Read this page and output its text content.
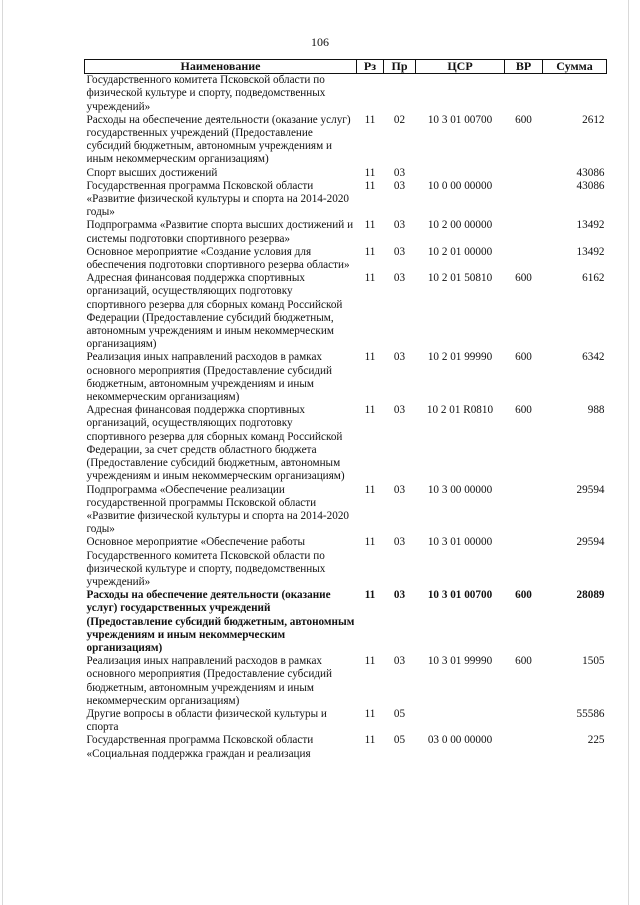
106
Наименование	Рз	Пр	ЦСР	ВР	Сумма
Государственного комитета Псковской области по физической культуре и спорту, подведомственных учреждений»					
Расходы на обеспечение деятельности (оказание услуг) государственных учреждений (Предоставление субсидий бюджетным, автономным учреждениям и иным некоммерческим организациям)	11	02	10 3 01 00700	600	2612
Спорт высших достижений	11	03			43086
Государственная программа Псковской области «Развитие физической культуры и спорта на 2014-2020 годы»	11	03	10 0 00 00000		43086
Подпрограмма «Развитие спорта высших достижений и системы подготовки спортивного резерва»	11	03	10 2 00 00000		13492
Основное мероприятие «Создание условия для обеспечения подготовки спортивного резерва области»	11	03	10 2 01 00000		13492
Адресная финансовая поддержка спортивных организаций, осуществляющих подготовку спортивного резерва для сборных команд Российской Федерации (Предоставление субсидий бюджетным, автономным учреждениям и иным некоммерческим организациям)	11	03	10 2 01 50810	600	6162
Реализация иных направлений расходов в рамках основного мероприятия (Предоставление субсидий бюджетным, автономным учреждениям и иным некоммерческим организациям)	11	03	10 2 01 99990	600	6342
Адресная финансовая поддержка спортивных организаций, осуществляющих подготовку спортивного резерва для сборных команд Российской Федерации, за счет средств областного бюджета (Предоставление субсидий бюджетным, автономным учреждениям и иным некоммерческим организациям)	11	03	10 2 01 R0810	600	988
Подпрограмма «Обеспечение реализации государственной программы Псковской области «Развитие физической культуры и спорта на 2014-2020 годы»	11	03	10 3 00 00000		29594
Основное мероприятие «Обеспечение работы Государственного комитета Псковской области по физической культуре и спорту, подведомственных учреждений»	11	03	10 3 01 00000		29594
Расходы на обеспечение деятельности (оказание услуг) государственных учреждений (Предоставление субсидий бюджетным, автономным учреждениям и иным некоммерческим организациям)	11	03	10 3 01 00700	600	28089
Реализация иных направлений расходов в рамках основного мероприятия (Предоставление субсидий бюджетным, автономным учреждениям и иным некоммерческим организациям)	11	03	10 3 01 99990	600	1505
Другие вопросы в области физической культуры и спорта	11	05			55586
Государственная программа Псковской области «Социальная поддержка граждан и реализация	11	05	03 0 00 00000		225
